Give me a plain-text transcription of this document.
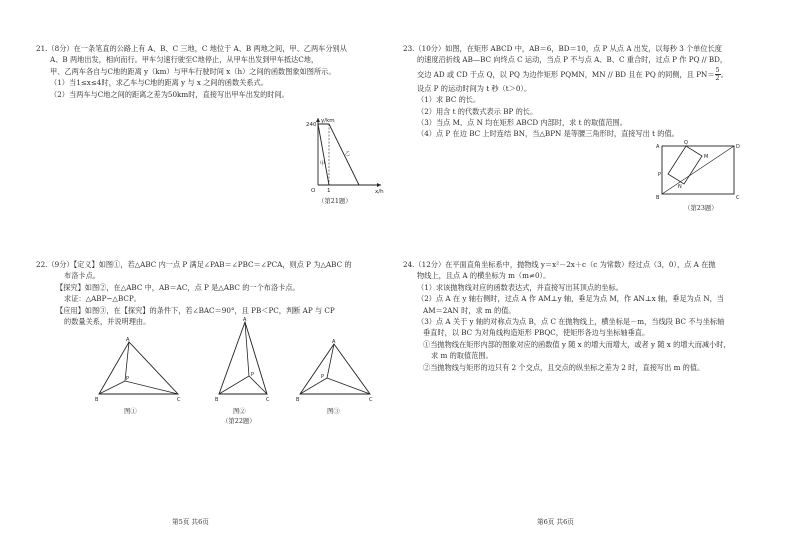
21.（8分）在一条笔直的公路上有 A、B、C 三地，C 地位于 A、B 两地之间，甲、乙两车分别从

A、B 两地出发，相向而行。甲车匀速行驶至C地停止，从甲车出发到甲车抵达C地，

甲、乙两车各自与C地的距离 y（km）与甲车行驶时间 x（h）之间的函数图象如图所示。

（1）当1≤x≤4时，求乙车与C地的距离 y 与 x 之间的函数关系式。

（2）当两车与C地之间的距离之差为50km时，直接写出甲车出发的时间。

y/km
x/h
240
O 1
甲
乙
（第21题）

22.（9分）【定义】如图①，若△ABC 内一点 P 满足∠PAB＝∠PBC＝∠PCA，则点 P 为△ABC 的

布洛卡点。

【探究】如图②，在△ABC 中，AB＝AC，点 P 是△ABC 的一个布洛卡点。

求证：△ABP∽△BCP。

【应用】如图③，在【探究】的条件下，若∠BAC＝90°，且 PB＜PC，判断 AP 与 CP

的数量关系，并说明理由。

A
B	C
P
图①
A
B	C
P
图②
（第22题）
A
B	C
P
图③

23.（10分）如图，在矩形 ABCD 中，AB＝6，BD＝10，点 P 从点 A 出发，以每秒 3 个单位长度

的速度沿折线 AB—BC 向终点 C 运动，当点 P 不与点 A、B、C 重合时，过点 P 作 PQ // BD，

交边 AD 或 CD 于点 Q，以 PQ 为边作矩形 PQMN，MN // BD 且在 PQ 的同侧，且 $PN= \frac{5}{2}$ 。

设点 P 的运动时间为 t 秒（t＞0）。

（1）求 BC 的长。

（2）用含 t 的代数式表示 BP 的长。

（3）当点 M、点 N 均在矩形 ABCD 内部时，求 t 的取值范围。

（4）点 P 在边 BC 上时连结 BN，当△BPN 是等腰三角形时，直接写出 t 的值。

A
Q
D
M
P
N
B	C
（第23题）

24.（12分）在平面直角坐标系中，抛物线 y＝x²－2x＋c（c 为常数）经过点（3，0），点 A 在抛

物线上，且点 A 的横坐标为 m（m≠0）。

（1）求该抛物线对应的函数表达式，并直接写出其顶点的坐标。

（2）点 A 在 y 轴右侧时，过点 A 作 AM⊥y 轴，垂足为点 M，作 AN⊥x 轴，垂足为点 N，当

AM＝2AN 时，求 m 的值。

（3）点 A 关于 y 轴的对称点为点 B，点 C 在抛物线上，横坐标是－m，当线段 BC 不与坐标轴

垂直时，以 BC 为对角线构造矩形 PBQC，使矩形各边与坐标轴垂直。

①当抛物线在矩形内部的图象对应的函数值 y 随 x 的增大而增大，或者 y 随 x 的增大而减小时，

求 m 的取值范围。

②当抛物线与矩形的边只有 2 个交点，且交点的纵坐标之差为 2 时，直接写出 m 的值。

第5页 共6页	第6页 共6页
